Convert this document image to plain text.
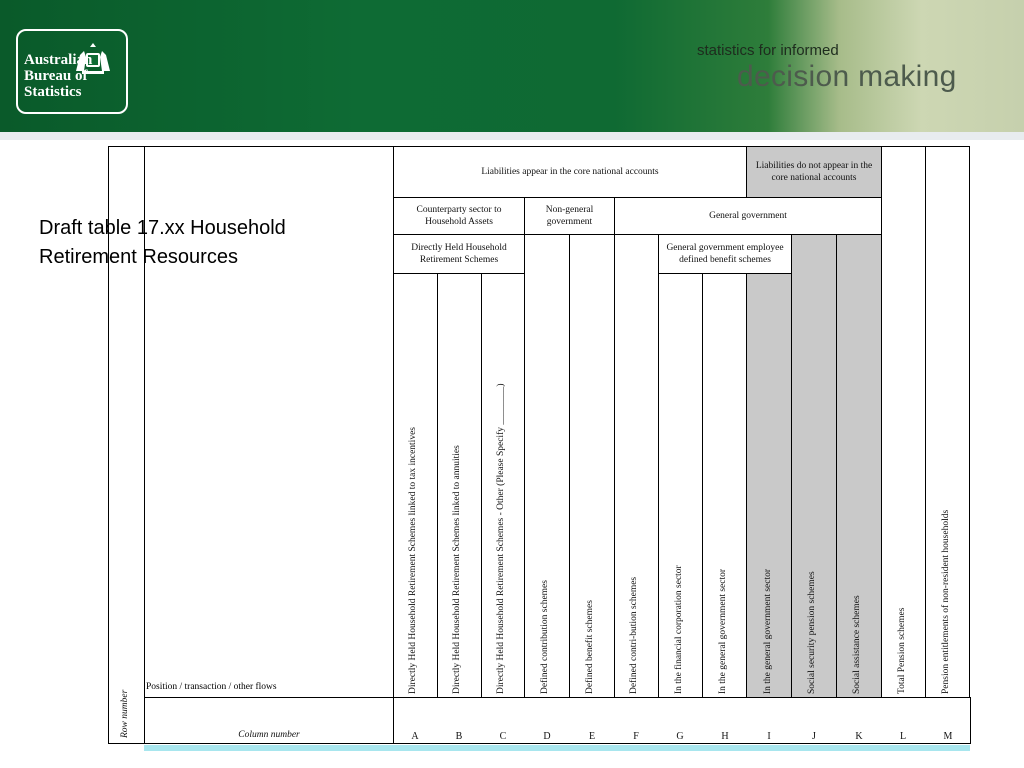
Australian
Bureau of
Statistics
statistics for informed
decision making
Draft table 17.xx Household
Retirement Resources
Row number
Position / transaction / other flows
Column number
Liabilities appear in the core national accounts
Liabilities do not appear in the core national accounts
Counterparty sector to Household Assets
Non-general government
General government
Directly Held Household Retirement Schemes
General government employee defined benefit schemes
Directly Held Household Retirement Schemes linked to tax incentives	Directly Held Household Retirement Schemes linked to annuities	Directly Held Household Retirement Schemes - Other (Please Specify ________)	Defined contribution schemes	Defined benefit schemes	Defined contri-bution schemes	In the financial corporation sector	In the general government sector	In the general government sector	Social security pension schemes	Social assistance schemes	Total Pension schemes	Pension entitlements of non-resident households
A	B	C	D	E	F	G	H	I	J	K	L	M
